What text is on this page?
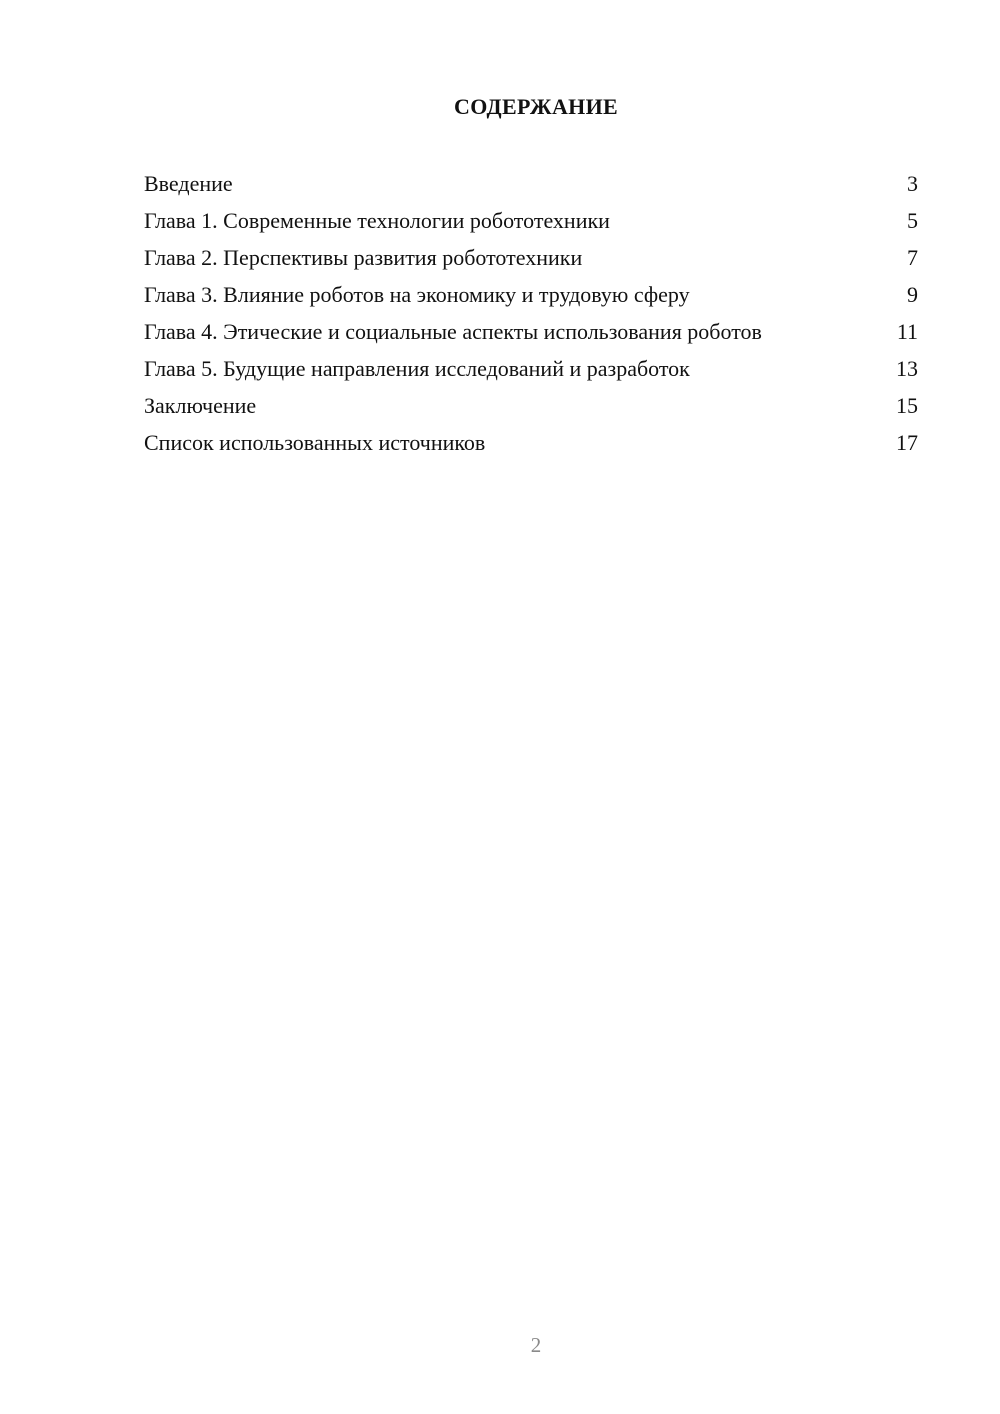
СОДЕРЖАНИЕ
Введение	3
Глава 1. Современные технологии робототехники	5
Глава 2. Перспективы развития робототехники	7
Глава 3. Влияние роботов на экономику и трудовую сферу	9
Глава 4. Этические и социальные аспекты использования роботов	11
Глава 5. Будущие направления исследований и разработок	13
Заключение	15
Список использованных источников	17
2
